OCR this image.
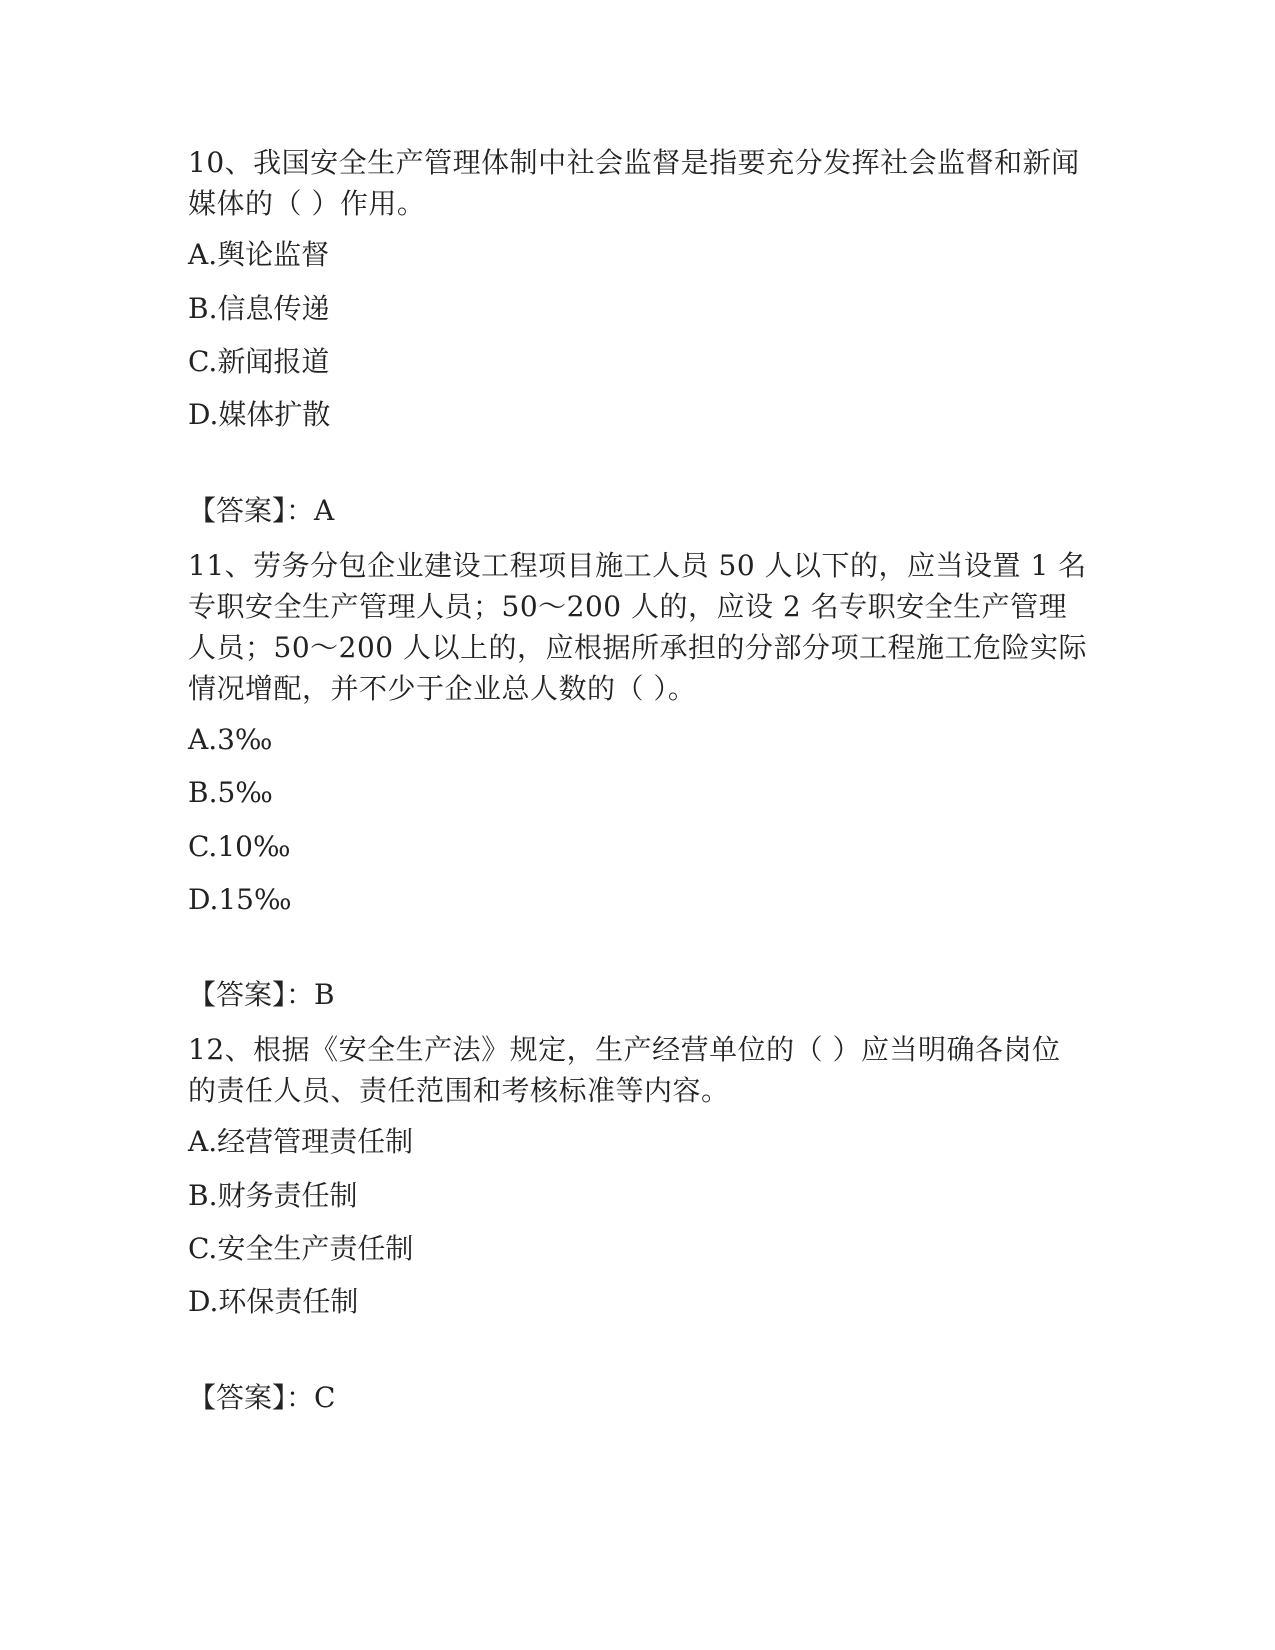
10、我国安全生产管理体制中社会监督是指要充分发挥社会监督和新闻媒体的（ ）作用。

A.舆论监督

B.信息传递

C.新闻报道

D.媒体扩散

【答案】：A

11、劳务分包企业建设工程项目施工人员 50 人以下的，应当设置 1 名专职安全生产管理人员；50～200 人的，应设 2 名专职安全生产管理人员；50～200 人以上的，应根据所承担的分部分项工程施工危险实际情况增配，并不少于企业总人数的（ ）。

A.3‰

B.5‰

C.10‰

D.15‰

【答案】：B

12、根据《安全生产法》规定，生产经营单位的（ ）应当明确各岗位的责任人员、责任范围和考核标准等内容。

A.经营管理责任制

B.财务责任制

C.安全生产责任制

D.环保责任制

【答案】：C
